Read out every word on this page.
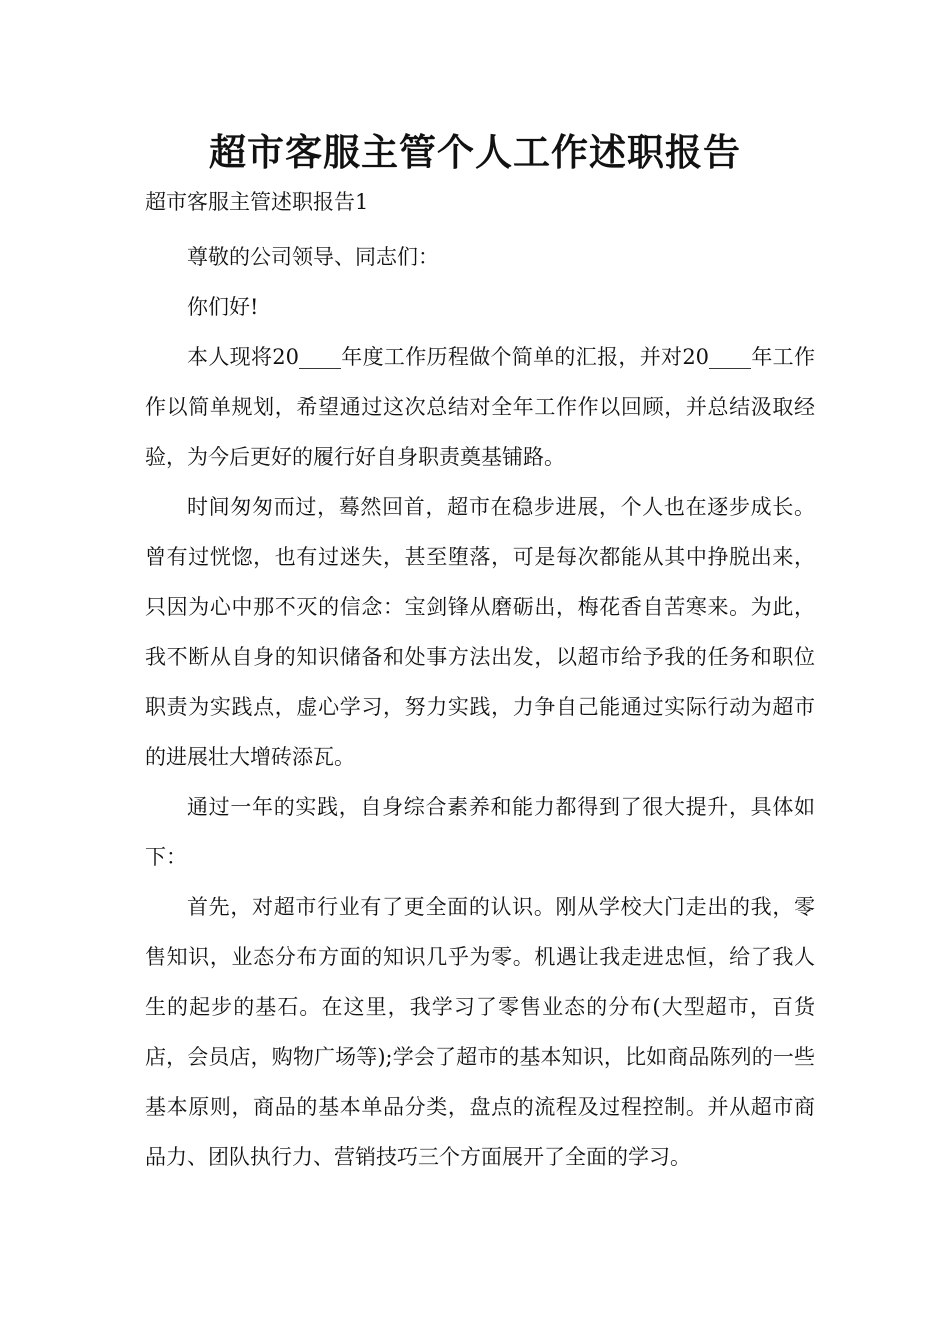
超市客服主管个人工作述职报告
超市客服主管述职报告1

尊敬的公司领导、同志们：

你们好!

本人现将20____年度工作历程做个简单的汇报，并对20____年工作作以简单规划，希望通过这次总结对全年工作作以回顾，并总结汲取经验，为今后更好的履行好自身职责奠基铺路。

时间匆匆而过，蓦然回首，超市在稳步进展，个人也在逐步成长。曾有过恍惚，也有过迷失，甚至堕落，可是每次都能从其中挣脱出来，只因为心中那不灭的信念：宝剑锋从磨砺出，梅花香自苦寒来。为此，我不断从自身的知识储备和处事方法出发，以超市给予我的任务和职位职责为实践点，虚心学习，努力实践，力争自己能通过实际行动为超市的进展壮大增砖添瓦。

通过一年的实践，自身综合素养和能力都得到了很大提升，具体如下：

首先，对超市行业有了更全面的认识。刚从学校大门走出的我，零售知识，业态分布方面的知识几乎为零。机遇让我走进忠恒，给了我人生的起步的基石。在这里，我学习了零售业态的分布(大型超市，百货店，会员店，购物广场等);学会了超市的基本知识，比如商品陈列的一些基本原则，商品的基本单品分类，盘点的流程及过程控制。并从超市商品力、团队执行力、营销技巧三个方面展开了全面的学习。
